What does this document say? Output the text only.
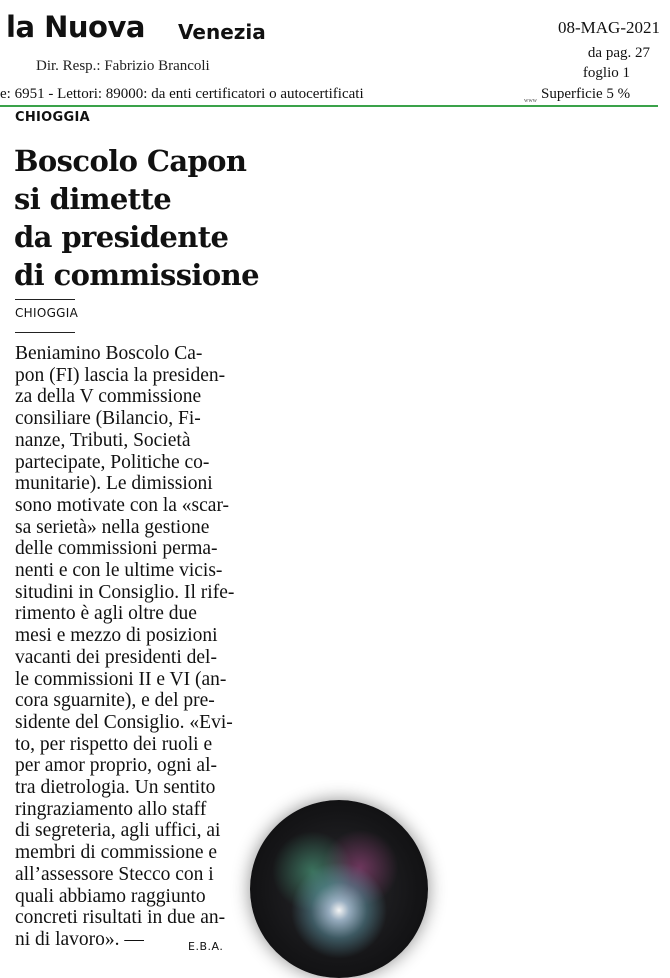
la Nuova Venezia
Dir. Resp.: Fabrizio Brancoli
08-MAG-2021
da pag. 27
foglio 1
e: 6951 - Lettori: 89000: da enti certificatori o autocertificati	www Superficie 5 %
CHIOGGIA
Boscolo Capon
si dimette
da presidente
di commissione
CHIOGGIA
Beniamino Boscolo Ca-
pon (FI) lascia la presiden-
za della V commissione
consiliare (Bilancio, Fi-
nanze, Tributi, Società
partecipate, Politiche co-
munitarie). Le dimissioni
sono motivate con la «scar-
sa serietà» nella gestione
delle commissioni perma-
nenti e con le ultime vicis-
situdini in Consiglio. Il rife-
rimento è agli oltre due
mesi e mezzo di posizioni
vacanti dei presidenti del-
le commissioni II e VI (an-
cora sguarnite), e del pre-
sidente del Consiglio. «Evi-
to, per rispetto dei ruoli e
per amor proprio, ogni al-
tra dietrologia. Un sentito
ringraziamento allo staff
di segreteria, agli uffici, ai
membri di commissione e
all’assessore Stecco con i
quali abbiamo raggiunto
concreti risultati in due an-
ni di lavoro». —	E.B.A.
